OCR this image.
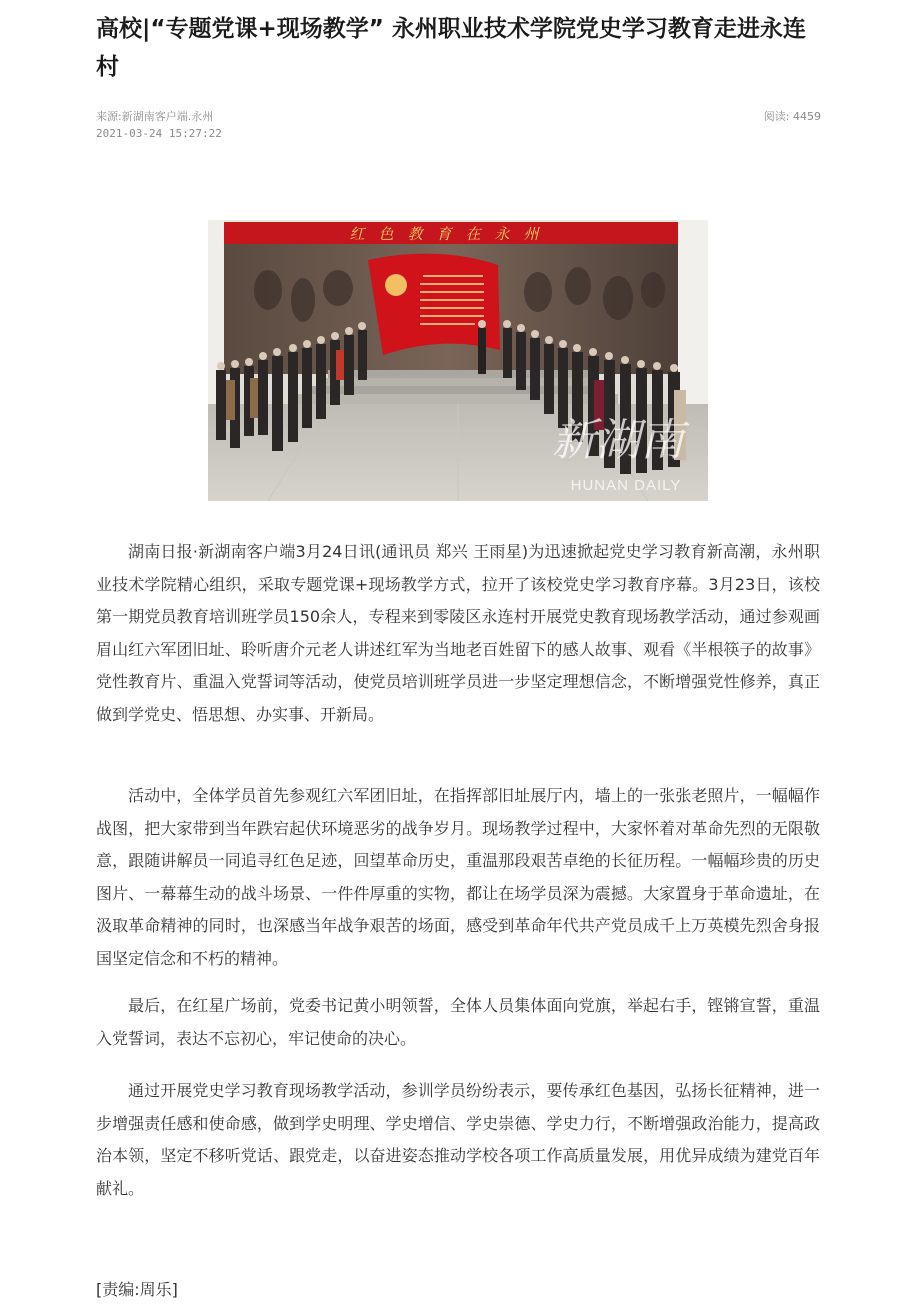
高校|“专题党课+现场教学” 永州职业技术学院党史学习教育走进永连村
来源:新湖南客户端.永州
2021-03-24 15:27:22
阅读: 4459
红色教育在永州
新湖南
HUNAN DAILY

湖南日报·新湖南客户端3月24日讯(通讯员 郑兴 王雨星)为迅速掀起党史学习教育新高潮，永州职业技术学院精心组织，采取专题党课+现场教学方式，拉开了该校党史学习教育序幕。3月23日，该校第一期党员教育培训班学员150余人，专程来到零陵区永连村开展党史教育现场教学活动，通过参观画眉山红六军团旧址、聆听唐介元老人讲述红军为当地老百姓留下的感人故事、观看《半根筷子的故事》党性教育片、重温入党誓词等活动，使党员培训班学员进一步坚定理想信念，不断增强党性修养，真正做到学党史、悟思想、办实事、开新局。

活动中，全体学员首先参观红六军团旧址，在指挥部旧址展厅内，墙上的一张张老照片，一幅幅作战图，把大家带到当年跌宕起伏环境恶劣的战争岁月。现场教学过程中，大家怀着对革命先烈的无限敬意，跟随讲解员一同追寻红色足迹，回望革命历史，重温那段艰苦卓绝的长征历程。一幅幅珍贵的历史图片、一幕幕生动的战斗场景、一件件厚重的实物，都让在场学员深为震撼。大家置身于革命遗址，在汲取革命精神的同时，也深感当年战争艰苦的场面，感受到革命年代共产党员成千上万英模先烈舍身报国坚定信念和不朽的精神。

最后，在红星广场前，党委书记黄小明领誓，全体人员集体面向党旗，举起右手，铿锵宣誓，重温入党誓词，表达不忘初心，牢记使命的决心。

通过开展党史学习教育现场教学活动，参训学员纷纷表示，要传承红色基因，弘扬长征精神，进一步增强责任感和使命感，做到学史明理、学史增信、学史崇德、学史力行，不断增强政治能力，提高政治本领，坚定不移听党话、跟党走，以奋进姿态推动学校各项工作高质量发展，用优异成绩为建党百年献礼。

[责编:周乐]
